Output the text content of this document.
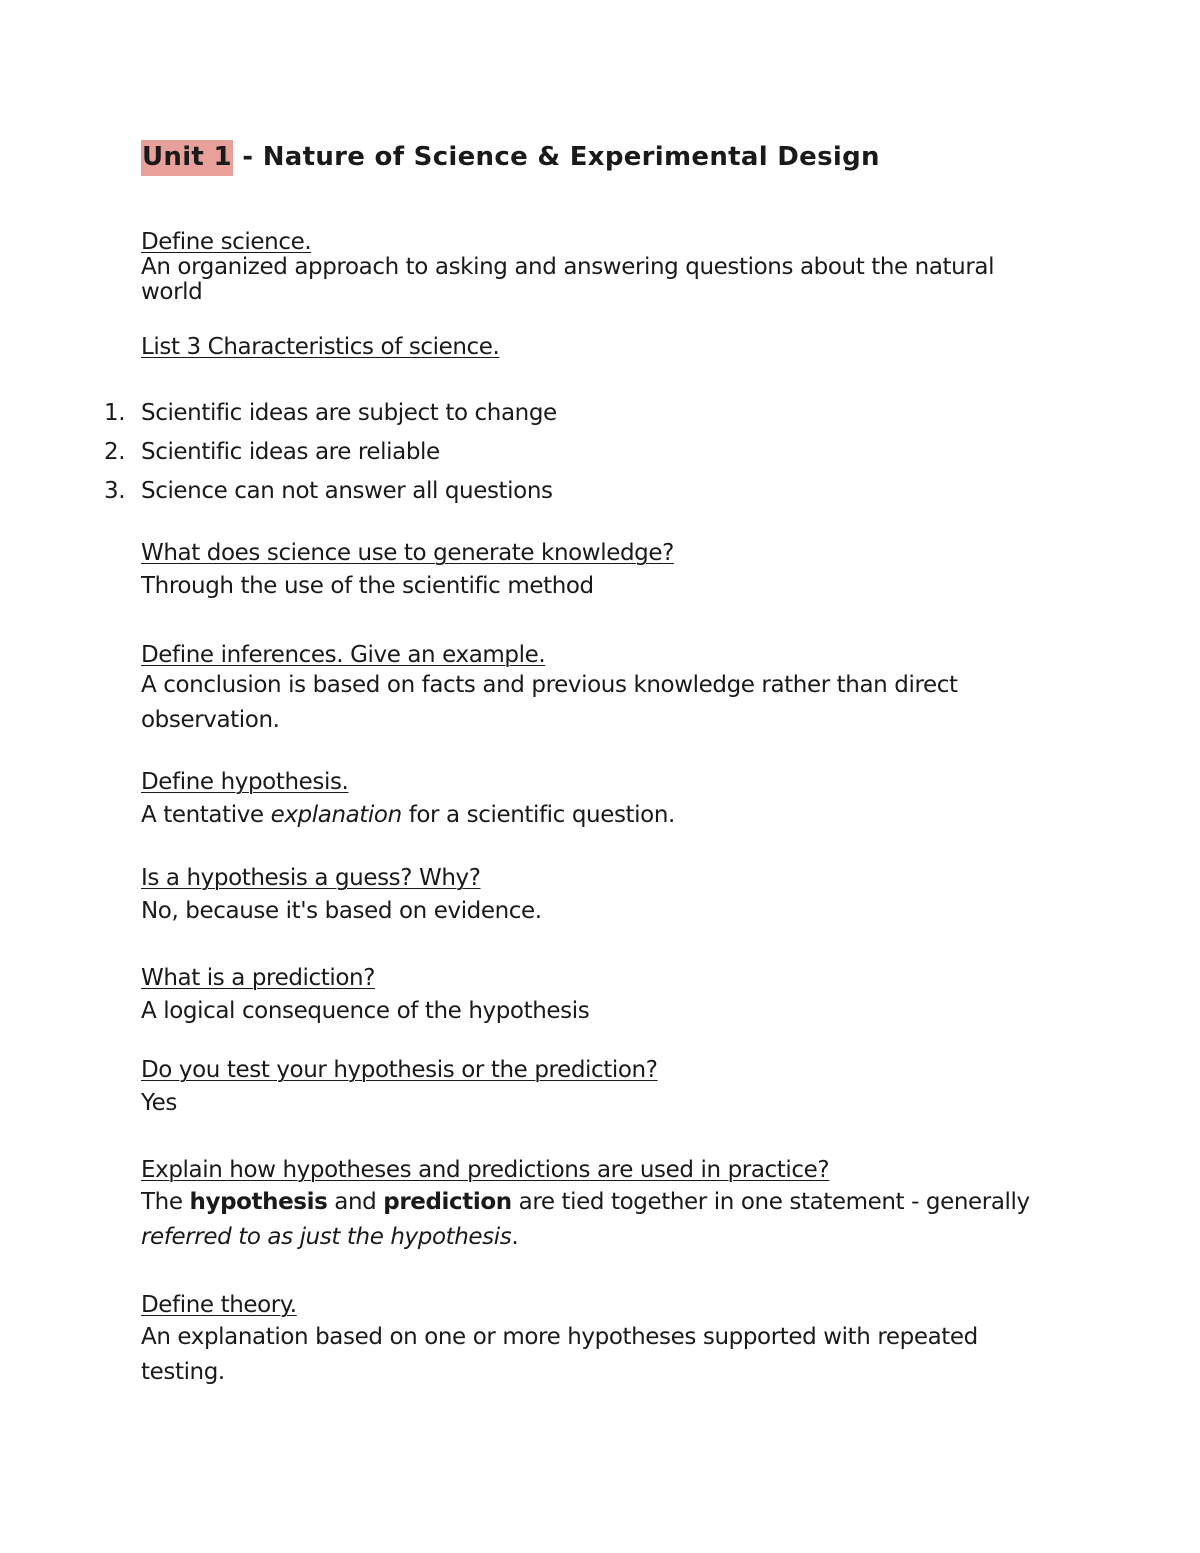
Unit 1 - Nature of Science & Experimental Design
Define science.
An organized approach to asking and answering questions about the natural world
List 3 Characteristics of science.
1. Scientific ideas are subject to change
2. Scientific ideas are reliable
3. Science can not answer all questions
What does science use to generate knowledge?
Through the use of the scientific method
Define inferences. Give an example.
A conclusion is based on facts and previous knowledge rather than direct observation.
Define hypothesis.
A tentative explanation for a scientific question.
Is a hypothesis a guess? Why?
No, because it's based on evidence.
What is a prediction?
A logical consequence of the hypothesis
Do you test your hypothesis or the prediction?
Yes
Explain how hypotheses and predictions are used in practice?
The hypothesis and prediction are tied together in one statement - generally referred to as just the hypothesis.
Define theory.
An explanation based on one or more hypotheses supported with repeated testing.
